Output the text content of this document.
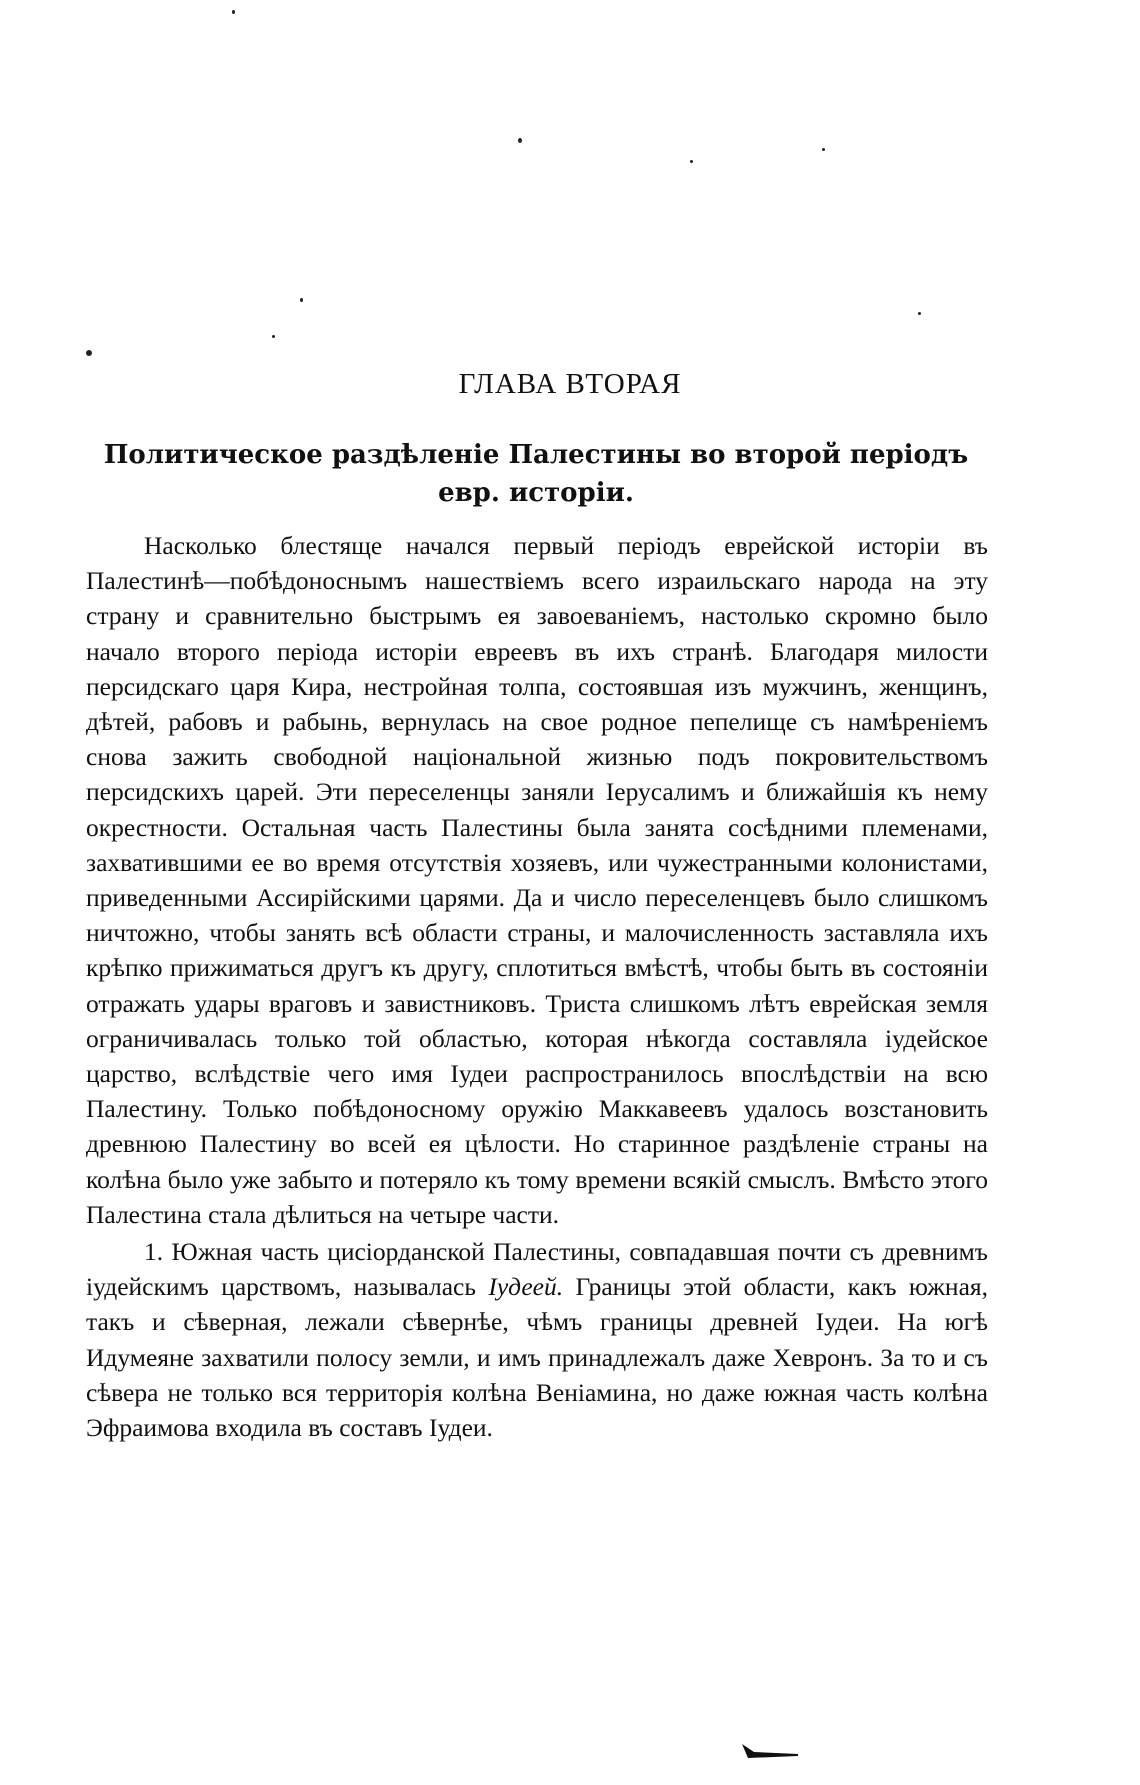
ГЛАВА ВТОРАЯ
Политическое раздѣленіе Палестины во второй періодъ евр. исторіи.

Насколько блестяще начался первый періодъ еврейской исторіи въ Палестинѣ—побѣдоноснымъ нашествіемъ всего израильскаго народа на эту страну и сравнительно быстрымъ ея завоеваніемъ, настолько скромно было начало второго періода исторіи евреевъ въ ихъ странѣ. Благодаря милости персидскаго царя Кира, нестройная толпа, состоявшая изъ мужчинъ, женщинъ, дѣтей, рабовъ и рабынь, вернулась на свое родное пепелище съ намѣреніемъ снова зажить свободной національной жизнью подъ покровительствомъ персидскихъ царей. Эти переселенцы заняли Іерусалимъ и ближайшія къ нему окрестности. Остальная часть Палестины была занята сосѣдними племенами, захватившими ее во время отсутствія хозяевъ, или чужестранными колонистами, приведенными Ассирійскими царями. Да и число переселенцевъ было слишкомъ ничтожно, чтобы занять всѣ области страны, и малочисленность заставляла ихъ крѣпко прижиматься другъ къ другу, сплотиться вмѣстѣ, чтобы быть въ состояніи отражать удары враговъ и завистниковъ. Триста слишкомъ лѣтъ еврейская земля ограничивалась только той областью, которая нѣкогда составляла іудейское царство, вслѣдствіе чего имя Іудеи распространилось впослѣдствіи на всю Палестину. Только побѣдоносному оружію Маккавеевъ удалось возстановить древнюю Палестину во всей ея цѣлости. Но старинное раздѣленіе страны на колѣна было уже забыто и потеряло къ тому времени всякій смыслъ. Вмѣсто этого Палестина стала дѣлиться на четыре части.

1. Южная часть цисіорданской Палестины, совпадавшая почти съ древнимъ іудейскимъ царствомъ, называлась Іудеей. Границы этой области, какъ южная, такъ и сѣверная, лежали сѣвернѣе, чѣмъ границы древней Іудеи. На югѣ Идумеяне захватили полосу земли, и имъ принадлежалъ даже Хевронъ. За то и съ сѣвера не только вся территорія колѣна Веніамина, но даже южная часть колѣна Эфраимова входила въ составъ Іудеи.
